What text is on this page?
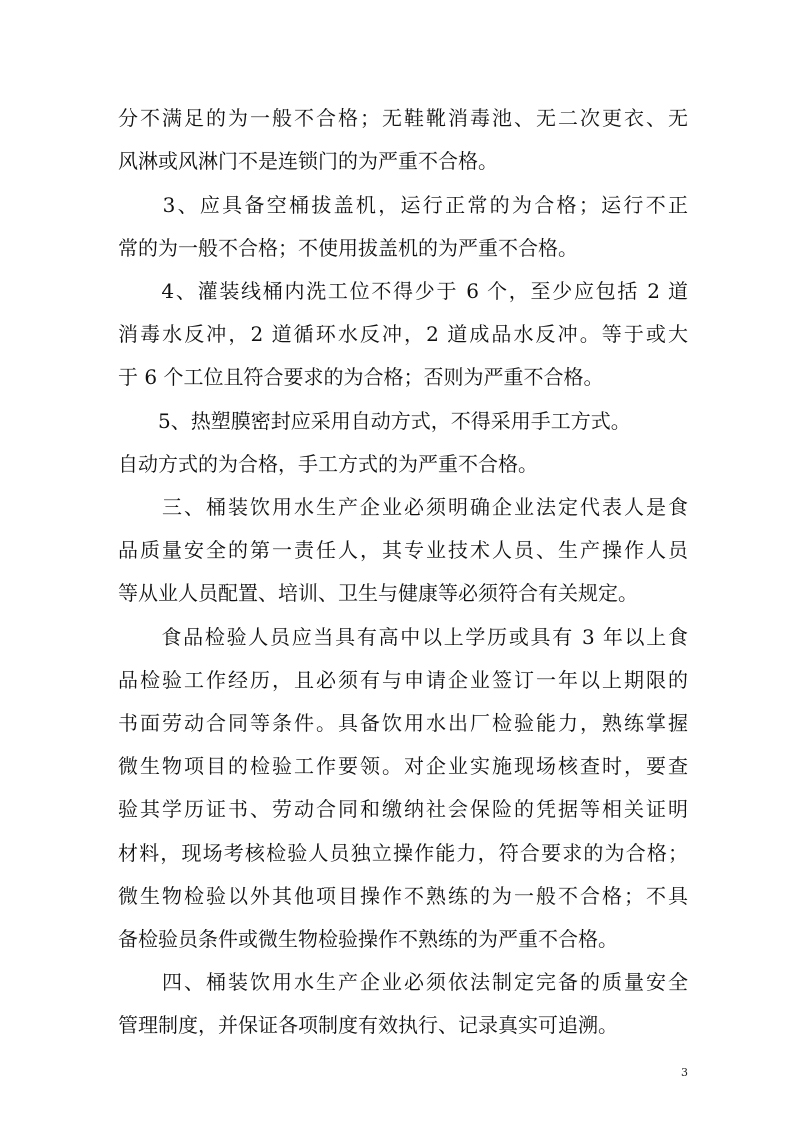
分不满足的为一般不合格；无鞋靴消毒池、无二次更衣、无
风淋或风淋门不是连锁门的为严重不合格。
　　3、应具备空桶拔盖机，运行正常的为合格；运行不正
常的为一般不合格；不使用拔盖机的为严重不合格。
　　4、灌装线桶内洗工位不得少于 6 个，至少应包括 2 道
消毒水反冲，2 道循环水反冲，2 道成品水反冲。等于或大
于 6 个工位且符合要求的为合格；否则为严重不合格。
　　5、热塑膜密封应采用自动方式，不得采用手工方式。
自动方式的为合格，手工方式的为严重不合格。
　　三、桶装饮用水生产企业必须明确企业法定代表人是食
品质量安全的第一责任人，其专业技术人员、生产操作人员
等从业人员配置、培训、卫生与健康等必须符合有关规定。
　　食品检验人员应当具有高中以上学历或具有 3 年以上食
品检验工作经历，且必须有与申请企业签订一年以上期限的
书面劳动合同等条件。具备饮用水出厂检验能力，熟练掌握
微生物项目的检验工作要领。对企业实施现场核查时，要查
验其学历证书、劳动合同和缴纳社会保险的凭据等相关证明
材料，现场考核检验人员独立操作能力，符合要求的为合格；
微生物检验以外其他项目操作不熟练的为一般不合格；不具
备检验员条件或微生物检验操作不熟练的为严重不合格。
　　四、桶装饮用水生产企业必须依法制定完备的质量安全
管理制度，并保证各项制度有效执行、记录真实可追溯。
3
